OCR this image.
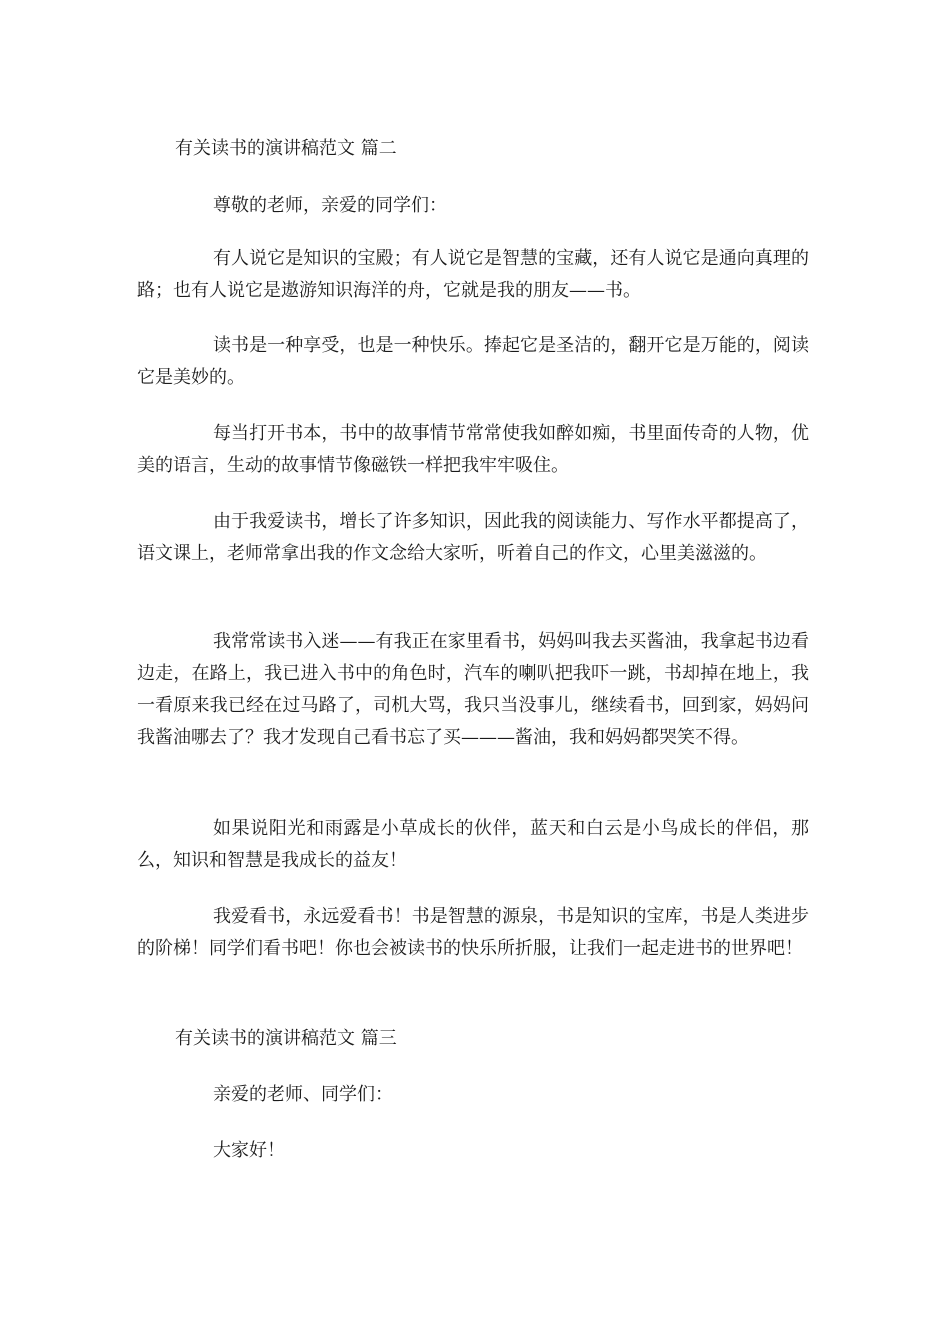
有关读书的演讲稿范文 篇二

尊敬的老师，亲爱的同学们：

有人说它是知识的宝殿；有人说它是智慧的宝藏，还有人说它是通向真理的路；也有人说它是遨游知识海洋的舟，它就是我的朋友——书。

读书是一种享受，也是一种快乐。捧起它是圣洁的，翻开它是万能的，阅读它是美妙的。

每当打开书本，书中的故事情节常常使我如醉如痴，书里面传奇的人物，优美的语言，生动的故事情节像磁铁一样把我牢牢吸住。

由于我爱读书，增长了许多知识，因此我的阅读能力、写作水平都提高了，语文课上，老师常拿出我的作文念给大家听，听着自己的作文，心里美滋滋的。

我常常读书入迷——有我正在家里看书，妈妈叫我去买酱油，我拿起书边看边走，在路上，我已进入书中的角色时，汽车的喇叭把我吓一跳，书却掉在地上，我一看原来我已经在过马路了，司机大骂，我只当没事儿，继续看书，回到家，妈妈问我酱油哪去了？我才发现自己看书忘了买———酱油，我和妈妈都哭笑不得。

如果说阳光和雨露是小草成长的伙伴，蓝天和白云是小鸟成长的伴侣，那么，知识和智慧是我成长的益友！

我爱看书，永远爱看书！书是智慧的源泉，书是知识的宝库，书是人类进步的阶梯！同学们看书吧！你也会被读书的快乐所折服，让我们一起走进书的世界吧！

有关读书的演讲稿范文 篇三

亲爱的老师、同学们：

大家好！
